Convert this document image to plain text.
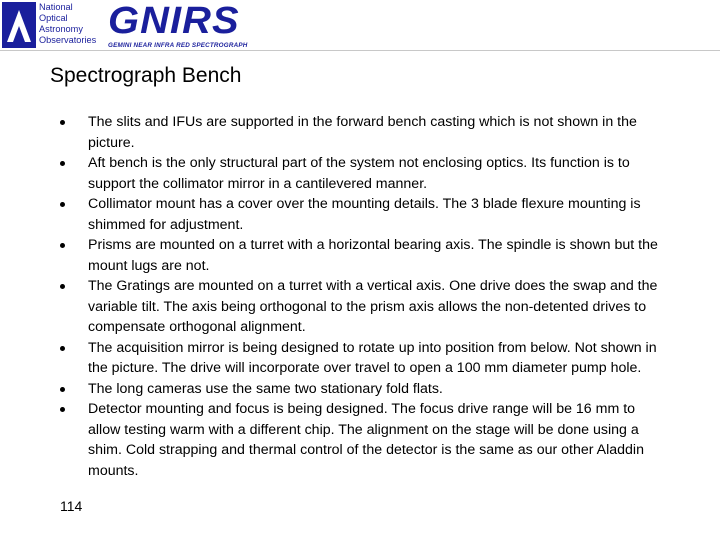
National
Optical
Astronomy
Observatories GNIRS
GEMINI NEAR INFRA RED SPECTROGRAPH
Spectrograph Bench
The slits and IFUs are supported in the forward bench casting which is not shown in the picture.
Aft bench is the only structural part of the system not enclosing optics. Its function is to support the collimator mirror in a cantilevered manner.
Collimator mount has a cover over the mounting details. The 3 blade flexure mounting is shimmed for adjustment.
Prisms are mounted on a turret with a horizontal bearing axis. The spindle is shown but the mount lugs are not.
The Gratings are mounted on a turret with a vertical axis. One drive does the swap and the variable tilt. The axis being orthogonal to the prism axis allows the non-detented drives to compensate orthogonal alignment.
The acquisition mirror is being designed to rotate up into position from below. Not shown in the picture. The drive will incorporate over travel to open a 100 mm diameter pump hole.
The long cameras use the same two stationary fold flats.
Detector mounting and focus is being designed. The focus drive range will be 16 mm to allow testing warm with a different chip. The alignment on the stage will be done using a shim. Cold strapping and thermal control of the detector is the same as our other Aladdin mounts.
114
